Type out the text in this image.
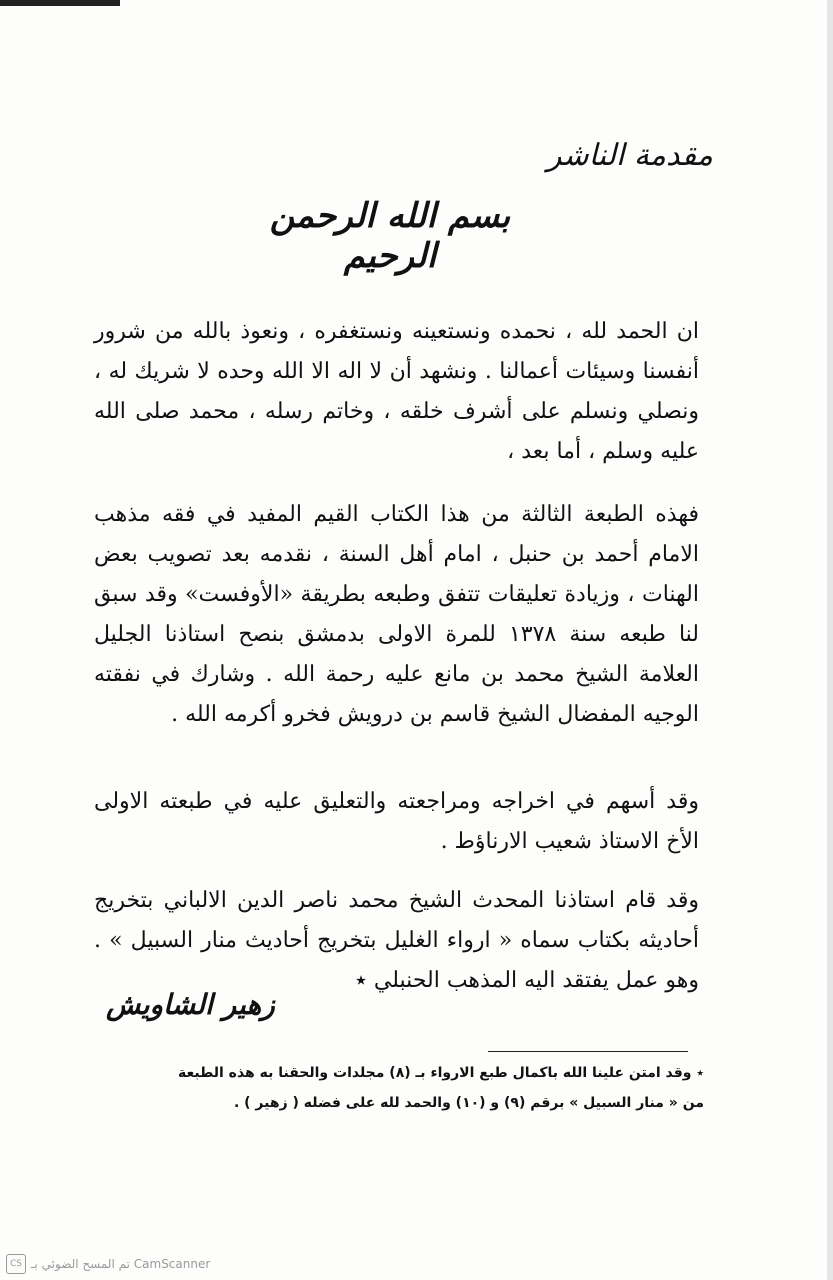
مقدمة الناشر
بسم الله الرحمن الرحيم

ان الحمد لله ، نحمده ونستعينه ونستغفره ، ونعوذ بالله من شرور أنفسنا وسيئات أعمالنا . ونشهد أن لا اله الا الله وحده لا شريك له ، ونصلي ونسلم على أشرف خلقه ، وخاتم رسله ، محمد صلى الله عليه وسلم ، أما بعد ،

فهذه الطبعة الثالثة من هذا الكتاب القيم المفيد في فقه مذهب الامام أحمد بن حنبل ، امام أهل السنة ، نقدمه بعد تصويب بعض الهنات ، وزيادة تعليقات تتفق وطبعه بطريقة «الأوفست» وقد سبق لنا طبعه سنة ١٣٧٨ للمرة الاولى بدمشق بنصح استاذنا الجليل العلامة الشيخ محمد بن مانع عليه رحمة الله . وشارك في نفقته الوجيه المفضال الشيخ قاسم بن درويش فخرو أكرمه الله .

وقد أسهم في اخراجه ومراجعته والتعليق عليه في طبعته الاولى الأخ الاستاذ شعيب الارناؤط .

وقد قام استاذنا المحدث الشيخ محمد ناصر الدين الالباني بتخريج أحاديثه بكتاب سماه « ارواء الغليل بتخريج أحاديث منار السبيل » . وهو عمل يفتقد اليه المذهب الحنبلي ٭

زهير الشاويش
٭ وقد امتن علينا الله باكمال طبع الارواء بـ (٨) مجلدات والحقنا به هذه الطبعة
من « منار السبيل » برقم (٩) و (١٠) والحمد لله على فضله ( زهير ) .
CS تم المسح الضوئي بـ CamScanner
